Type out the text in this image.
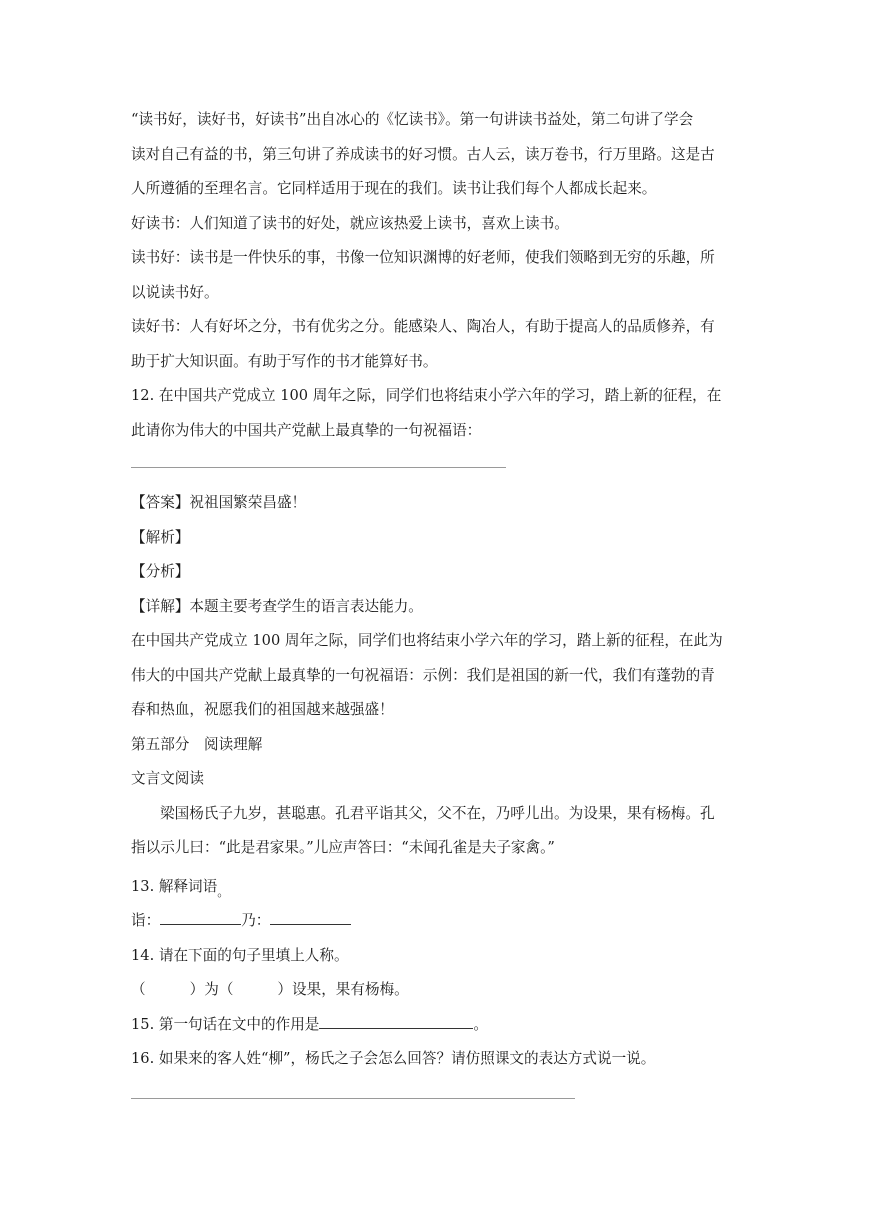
“读书好，读好书，好读书”出自冰心的《忆读书》。第一句讲读书益处，第二句讲了学会

读对自己有益的书，第三句讲了养成读书的好习惯。古人云，读万卷书，行万里路。这是古

人所遵循的至理名言。它同样适用于现在的我们。读书让我们每个人都成长起来。

好读书：人们知道了读书的好处，就应该热爱上读书，喜欢上读书。

读书好：读书是一件快乐的事，书像一位知识渊博的好老师，使我们领略到无穷的乐趣，所

以说读书好。

读好书：人有好坏之分，书有优劣之分。能感染人、陶冶人，有助于提高人的品质修养，有

助于扩大知识面。有助于写作的书才能算好书。

12. 在中国共产党成立 100 周年之际，同学们也将结束小学六年的学习，踏上新的征程，在

此请你为伟大的中国共产党献上最真挚的一句祝福语：

【答案】祝祖国繁荣昌盛！

【解析】

【分析】

【详解】本题主要考查学生的语言表达能力。

在中国共产党成立 100 周年之际，同学们也将结束小学六年的学习，踏上新的征程，在此为

伟大的中国共产党献上最真挚的一句祝福语：示例：我们是祖国的新一代，我们有蓬勃的青

春和热血，祝愿我们的祖国越来越强盛！

第五部分　阅读理解

文言文阅读

梁国杨氏子九岁，甚聪惠。孔君平诣其父，父不在，乃呼儿出。为设果，果有杨梅。孔

指以示儿曰：“此是君家果。”儿应声答曰：“未闻孔雀是夫子家禽。”

13. 解释词语$_。$

诣：	乃：

14. 请在下面的句子里填上人称。

（	）为（	）设果，果有杨梅。

15. 第一句话在文中的作用是	。

16. 如果来的客人姓“柳”，杨氏之子会怎么回答？请仿照课文的表达方式说一说。
